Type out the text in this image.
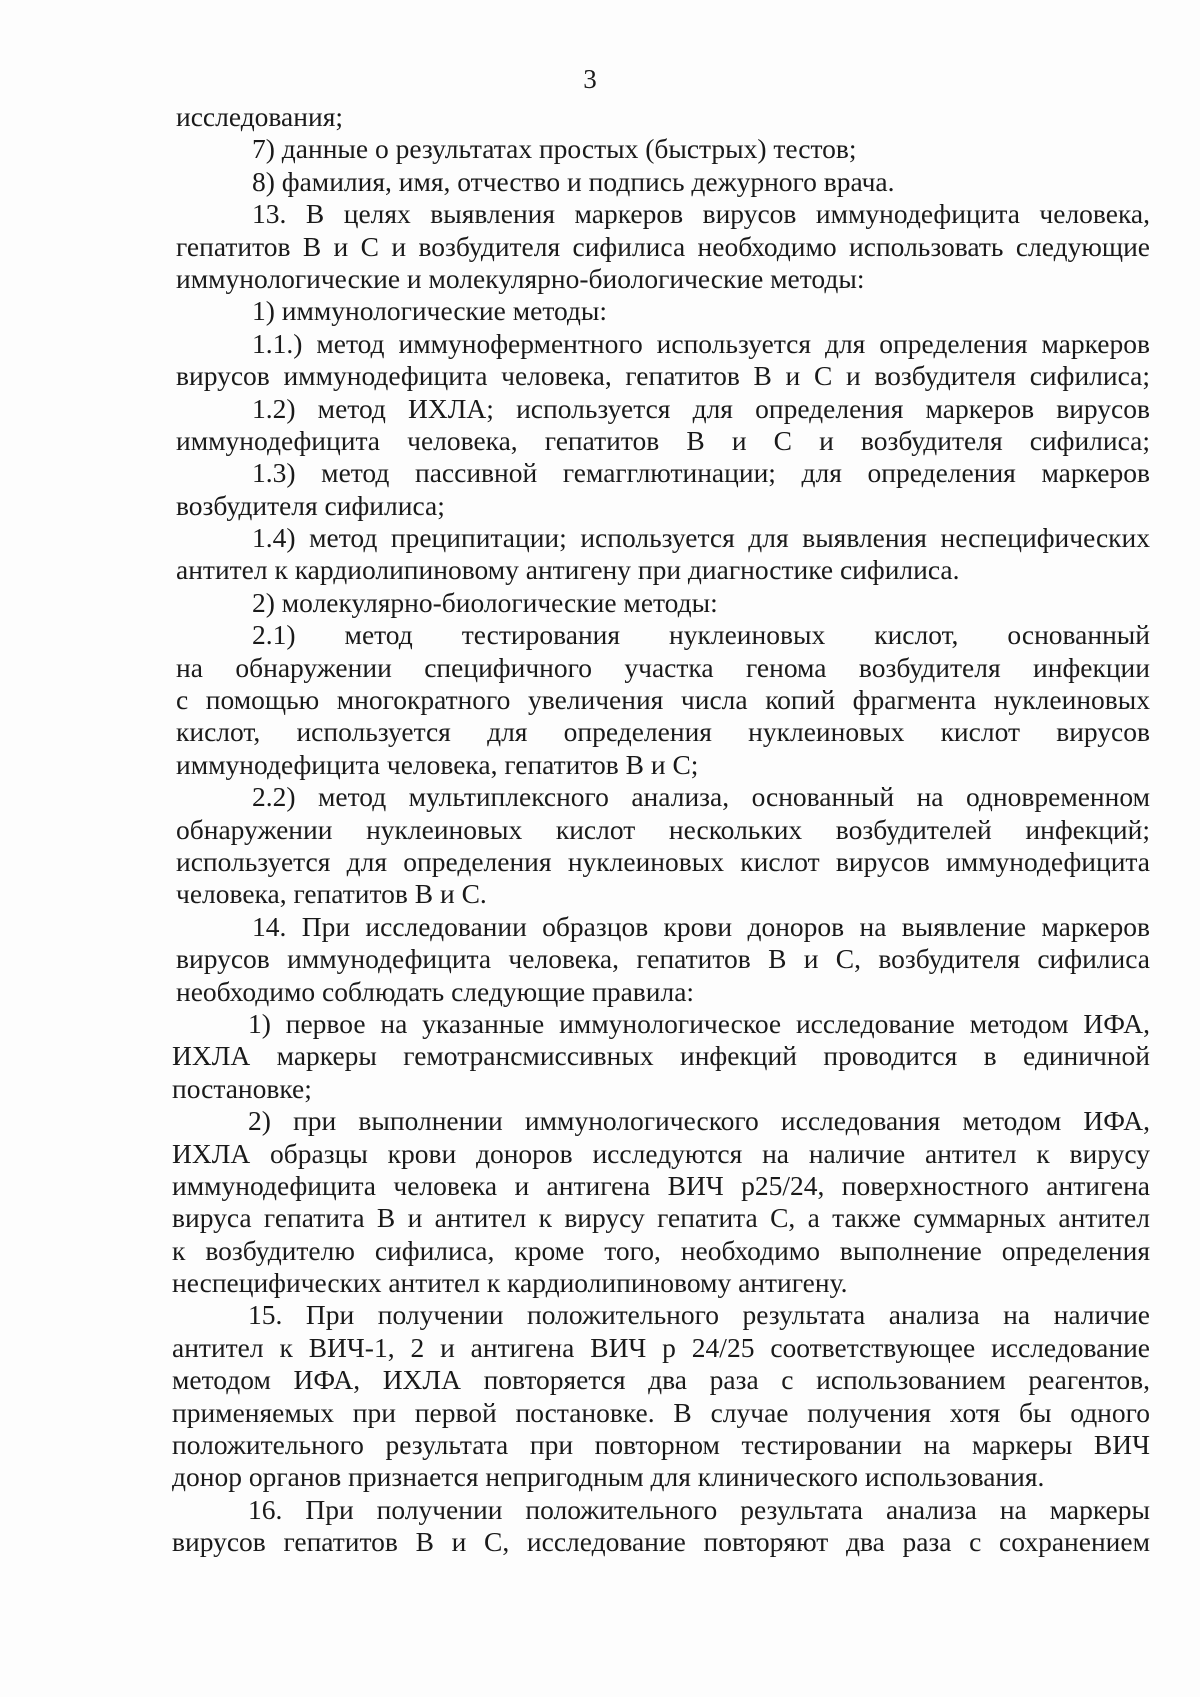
3
исследования;
7) данные о результатах простых (быстрых) тестов;
8) фамилия, имя, отчество и подпись дежурного врача.
13. В целях выявления маркеров вирусов иммунодефицита человека,
гепатитов В и С и возбудителя сифилиса необходимо использовать следующие
иммунологические и молекулярно-биологические методы:
1) иммунологические методы:
1.1.) метод иммуноферментного используется для определения маркеров
вирусов иммунодефицита человека, гепатитов В и С и возбудителя сифилиса;
1.2) метод ИХЛА; используется для определения маркеров вирусов
иммунодефицита человека, гепатитов В и С и возбудителя сифилиса;
1.3) метод пассивной гемагглютинации; для определения маркеров
возбудителя сифилиса;
1.4) метод преципитации; используется для выявления неспецифических
антител к кардиолипиновому антигену при диагностике сифилиса.
2) молекулярно-биологические методы:
2.1) метод тестирования нуклеиновых кислот, основанный
на обнаружении специфичного участка генома возбудителя инфекции
с помощью многократного увеличения числа копий фрагмента нуклеиновых
кислот, используется для определения нуклеиновых кислот вирусов
иммунодефицита человека, гепатитов В и С;
2.2) метод мультиплексного анализа, основанный на одновременном
обнаружении нуклеиновых кислот нескольких возбудителей инфекций;
используется для определения нуклеиновых кислот вирусов иммунодефицита
человека, гепатитов В и С.
14. При исследовании образцов крови доноров на выявление маркеров
вирусов иммунодефицита человека, гепатитов В и С, возбудителя сифилиса
необходимо соблюдать следующие правила:
1) первое на указанные иммунологическое исследование методом ИФА,
ИХЛА маркеры гемотрансмиссивных инфекций проводится в единичной
постановке;
2) при выполнении иммунологического исследования методом ИФА,
ИХЛА образцы крови доноров исследуются на наличие антител к вирусу
иммунодефицита человека и антигена ВИЧ р25/24, поверхностного антигена
вируса гепатита В и антител к вирусу гепатита С, а также суммарных антител
к возбудителю сифилиса, кроме того, необходимо выполнение определения
неспецифических антител к кардиолипиновому антигену.
15. При получении положительного результата анализа на наличие
антител к ВИЧ-1, 2 и антигена ВИЧ р 24/25 соответствующее исследование
методом ИФА, ИХЛА повторяется два раза с использованием реагентов,
применяемых при первой постановке. В случае получения хотя бы одного
положительного результата при повторном тестировании на маркеры ВИЧ
донор органов признается непригодным для клинического использования.
16. При получении положительного результата анализа на маркеры
вирусов гепатитов В и С, исследование повторяют два раза с сохранением
